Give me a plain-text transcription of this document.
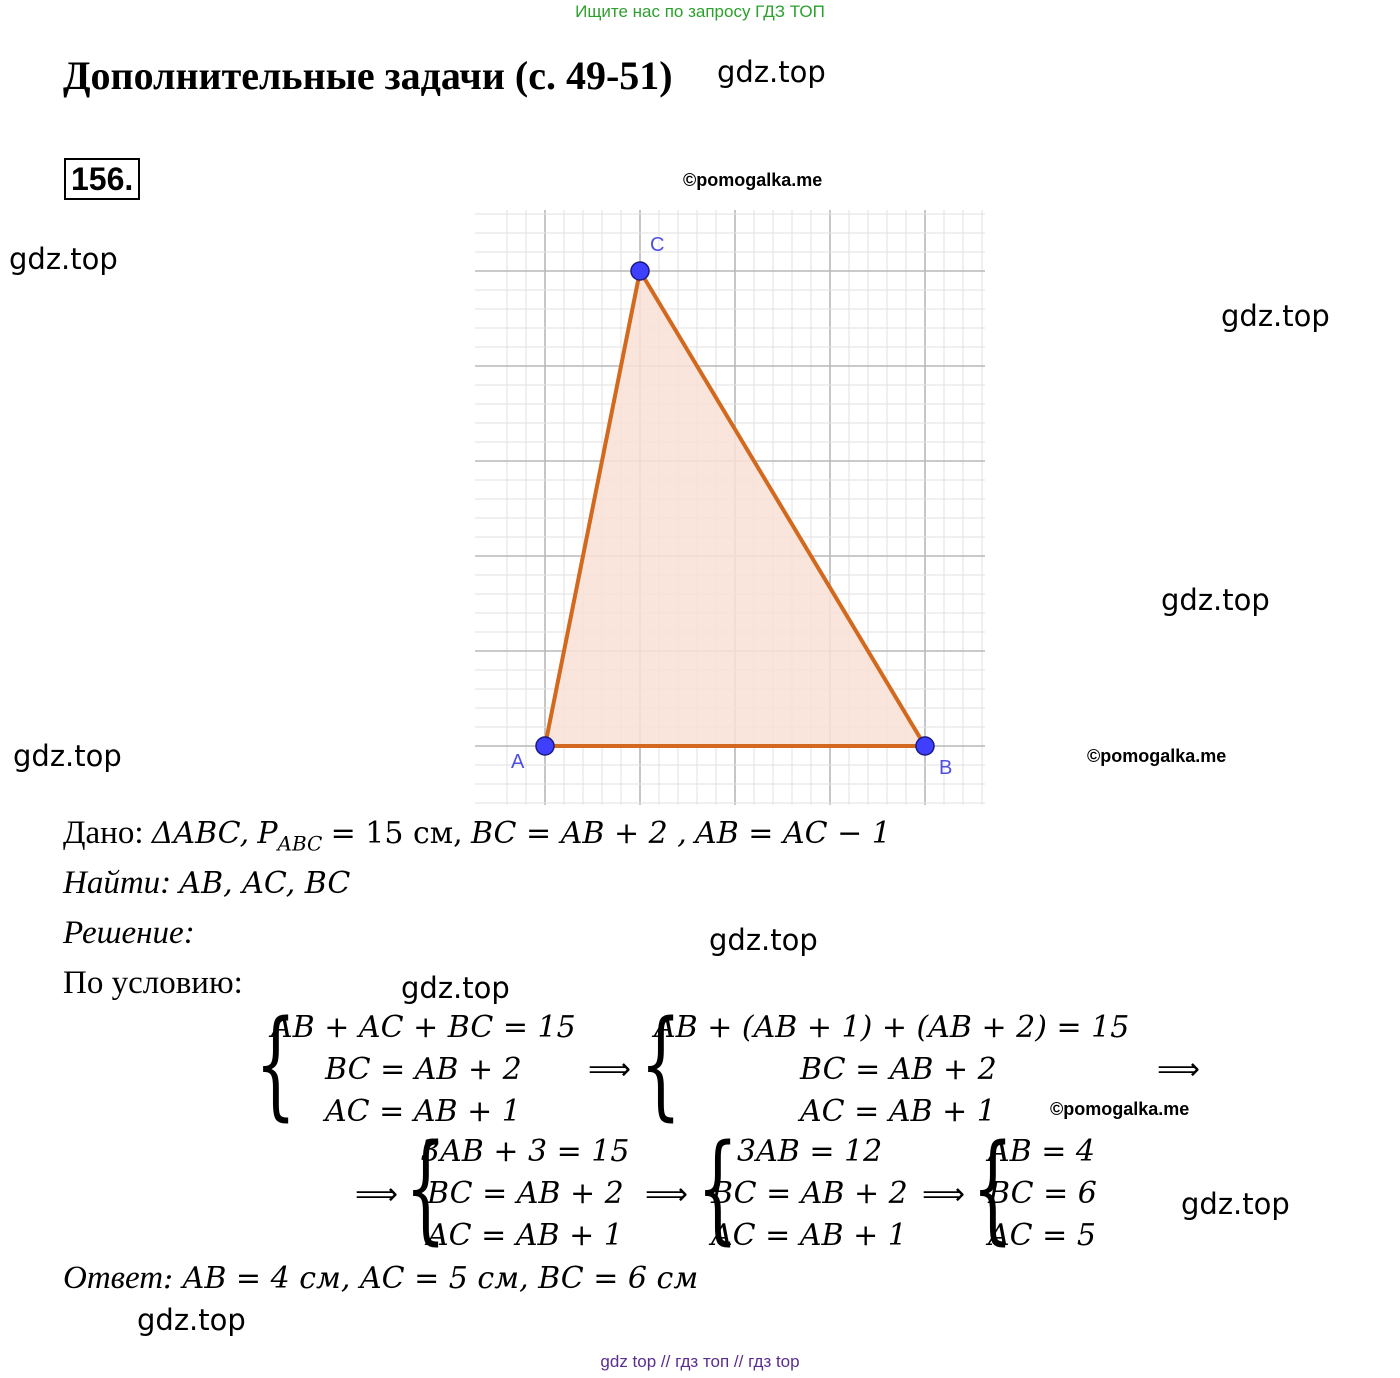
Ищите нас по запросу ГДЗ ТОП
Дополнительные задачи (с. 49-51) gdz.top
156.	©pomogalka.me
gdz.top
gdz.top
gdz.top
gdz.top	©pomogalka.me
A	B
C
Дано: ΔABC, $P_{ABC} = 15$ см, BC = AB + 2 , AB = AC − 1
Найти: AB, AC, BC
Решение:	gdz.top
По условию:	gdz.top
{
AB + AC + BC = 15
BC = AB + 2
AC = AB + 1
⟹ {
AB + (AB + 1) + (AB + 2) = 15
BC = AB + 2
AC = AB + 1
⟹
©pomogalka.me
⟹ {
3AB + 3 = 15
BC = AB + 2
AC = AB + 1
⟹ {
3AB = 12
BC = AB + 2
AC = AB + 1
⟹ {
AB = 4
BC = 6
AC = 5
gdz.top
Ответ: AB = 4 см, AC = 5 см, BC = 6 см
gdz.top
gdz top // гдз топ // гдз top
